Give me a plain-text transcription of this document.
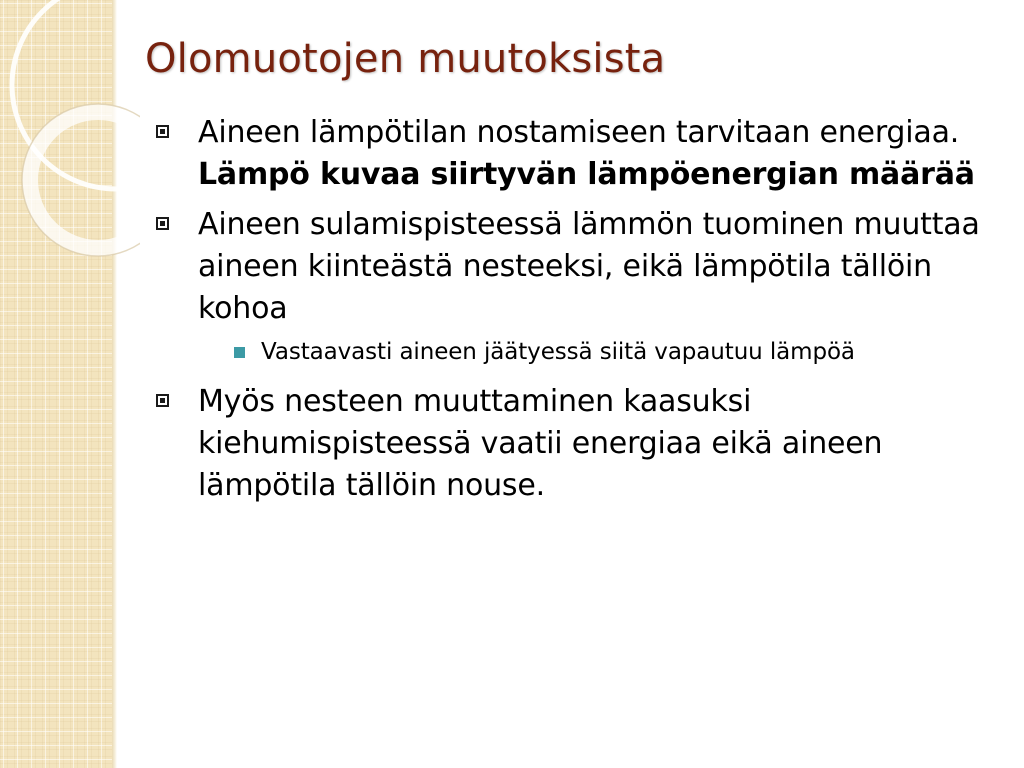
Olomuotojen muutoksista
Aineen lämpötilan nostamiseen tarvitaan energiaa. Lämpö kuvaa siirtyvän lämpöenergian määrää
Aineen sulamispisteessä lämmön tuominen muuttaa aineen kiinteästä nesteeksi, eikä lämpötila tällöin kohoa
Vastaavasti aineen jäätyessä siitä vapautuu lämpöä
Myös nesteen muuttaminen kaasuksi kiehumispisteessä vaatii energiaa eikä aineen lämpötila tällöin nouse.
